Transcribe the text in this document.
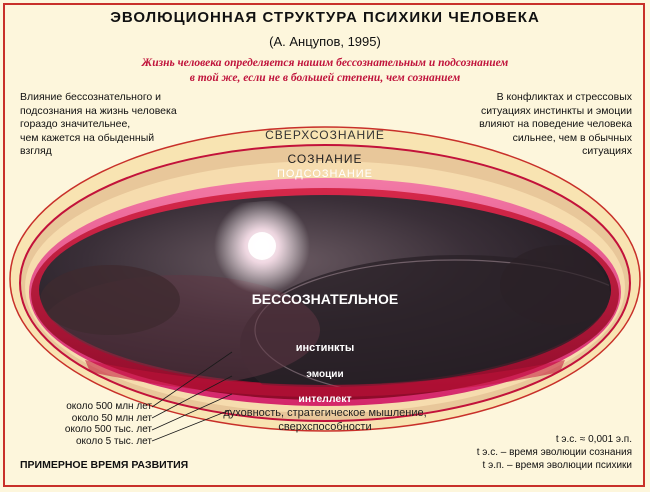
ЭВОЛЮЦИОННАЯ СТРУКТУРА ПСИХИКИ ЧЕЛОВЕКА
(А. Анцупов, 1995)
Жизнь человека определяется нашим бессознательным и подсознанием
в той же, если не в большей степени, чем сознанием
Влияние бессознательного и
подсознания на жизнь человека
гораздо значительнее,
чем кажется на обыденный
взгляд
В конфликтах и стрессовых
ситуациях инстинкты и эмоции
влияют на поведение человека
сильнее, чем в обычных
ситуациях
СВЕРХСОЗНАНИЕ
СОЗНАНИЕ
ПОДСОЗНАНИЕ
БЕССОЗНАТЕЛЬНОЕ
инстинкты
эмоции
интеллект
духовность, стратегическое мышление,
сверхспособности
около 500 млн лет
около 50 млн лет
около 500 тыс. лет
около 5 тыс. лет
ПРИМЕРНОЕ ВРЕМЯ РАЗВИТИЯ
t э.с. ≈ 0,001 э.п.
t э.с. – время эволюции сознания
t э.п. – время эволюции психики
